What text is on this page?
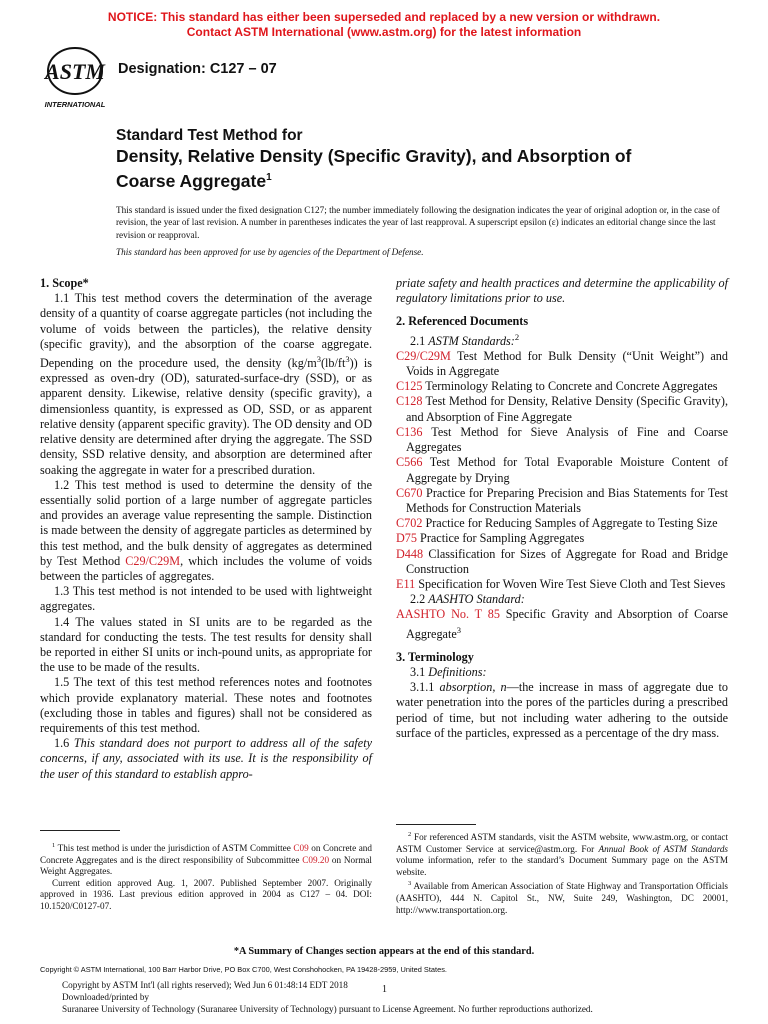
NOTICE: This standard has either been superseded and replaced by a new version or withdrawn.
Contact ASTM International (www.astm.org) for the latest information
ASTM
INTERNATIONAL
Designation: C127 – 07
Standard Test Method for
Density, Relative Density (Specific Gravity), and Absorption of Coarse Aggregate$^1$
This standard is issued under the fixed designation C127; the number immediately following the designation indicates the year of original adoption or, in the case of revision, the year of last revision. A number in parentheses indicates the year of last reapproval. A superscript epsilon (ε) indicates an editorial change since the last revision or reapproval.
This standard has been approved for use by agencies of the Department of Defense.

1. Scope*

1.1 This test method covers the determination of the average density of a quantity of coarse aggregate particles (not including the volume of voids between the particles), the relative density (specific gravity), and the absorption of the coarse aggregate. Depending on the procedure used, the density $(kg/m^3(lb/ft^3))$ is expressed as oven-dry (OD), saturated-surface-dry (SSD), or as apparent density. Likewise, relative density (specific gravity), a dimensionless quantity, is expressed as OD, SSD, or as apparent relative density (apparent specific gravity). The OD density and OD relative density are determined after drying the aggregate. The SSD density, SSD relative density, and absorption are determined after soaking the aggregate in water for a prescribed duration.

1.2 This test method is used to determine the density of the essentially solid portion of a large number of aggregate particles and provides an average value representing the sample. Distinction is made between the density of aggregate particles as determined by this test method, and the bulk density of aggregates as determined by Test Method C29/C29M, which includes the volume of voids between the particles of aggregates.

1.3 This test method is not intended to be used with lightweight aggregates.

1.4 The values stated in SI units are to be regarded as the standard for conducting the tests. The test results for density shall be reported in either SI units or inch-pound units, as appropriate for the use to be made of the results.

1.5 The text of this test method references notes and footnotes which provide explanatory material. These notes and footnotes (excluding those in tables and figures) shall not be considered as requirements of this test method.

1.6 This standard does not purport to address all of the safety concerns, if any, associated with its use. It is the responsibility of the user of this standard to establish appro-

priate safety and health practices and determine the applicability of regulatory limitations prior to use.

2. Referenced Documents

2.1 ASTM Standards:$^2$

C29/C29M Test Method for Bulk Density (“Unit Weight”) and Voids in Aggregate

C125 Terminology Relating to Concrete and Concrete Aggregates

C128 Test Method for Density, Relative Density (Specific Gravity), and Absorption of Fine Aggregate

C136 Test Method for Sieve Analysis of Fine and Coarse Aggregates

C566 Test Method for Total Evaporable Moisture Content of Aggregate by Drying

C670 Practice for Preparing Precision and Bias Statements for Test Methods for Construction Materials

C702 Practice for Reducing Samples of Aggregate to Testing Size

D75 Practice for Sampling Aggregates

D448 Classification for Sizes of Aggregate for Road and Bridge Construction

E11 Specification for Woven Wire Test Sieve Cloth and Test Sieves

2.2 AASHTO Standard:

AASHTO No. T 85 Specific Gravity and Absorption of Coarse Aggregate$^3$

3. Terminology

3.1 Definitions:

3.1.1 absorption, n—the increase in mass of aggregate due to water penetration into the pores of the particles during a prescribed period of time, but not including water adhering to the outside surface of the particles, expressed as a percentage of the dry mass.

$^1$ This test method is under the jurisdiction of ASTM Committee C09 on Concrete and Concrete Aggregates and is the direct responsibility of Subcommittee C09.20 on Normal Weight Aggregates.

Current edition approved Aug. 1, 2007. Published September 2007. Originally approved in 1936. Last previous edition approved in 2004 as C127 – 04. DOI: 10.1520/C0127-07.

$^2$ For referenced ASTM standards, visit the ASTM website, www.astm.org, or contact ASTM Customer Service at service@astm.org. For Annual Book of ASTM Standards volume information, refer to the standard’s Document Summary page on the ASTM website.

$^3$ Available from American Association of State Highway and Transportation Officials (AASHTO), 444 N. Capitol St., NW, Suite 249, Washington, DC 20001, http://www.transportation.org.

*A Summary of Changes section appears at the end of this standard.
Copyright © ASTM International, 100 Barr Harbor Drive, PO Box C700, West Conshohocken, PA 19428-2959, United States.
Copyright by ASTM Int'l (all rights reserved); Wed Jun 6 01:48:14 EDT 2018
Downloaded/printed by
Suranaree University of Technology (Suranaree University of Technology) pursuant to License Agreement. No further reproductions authorized.
1
